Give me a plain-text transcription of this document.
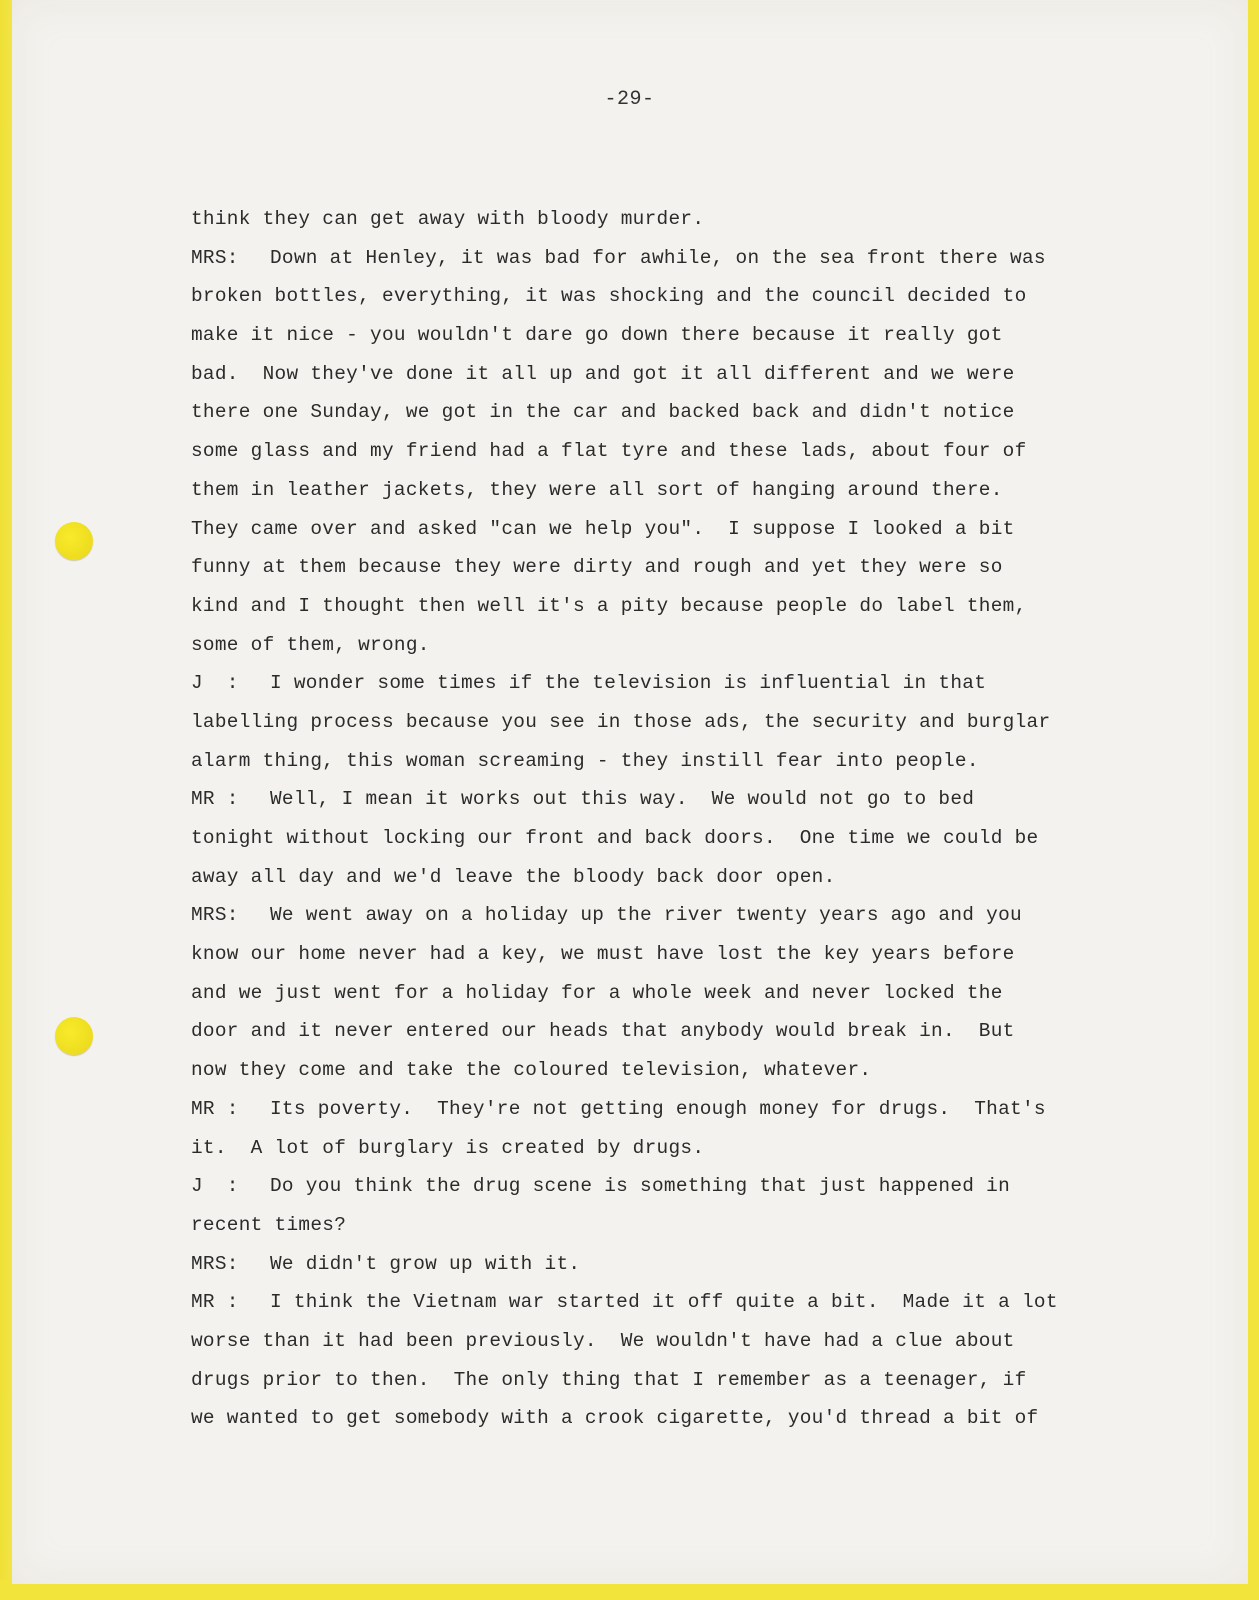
-29-
think they can get away with bloody murder.
MRS: Down at Henley, it was bad for awhile, on the sea front there was
broken bottles, everything, it was shocking and the council decided to
make it nice - you wouldn't dare go down there because it really got
bad.  Now they've done it all up and got it all different and we were
there one Sunday, we got in the car and backed back and didn't notice
some glass and my friend had a flat tyre and these lads, about four of
them in leather jackets, they were all sort of hanging around there.
They came over and asked "can we help you".  I suppose I looked a bit
funny at them because they were dirty and rough and yet they were so
kind and I thought then well it's a pity because people do label them,
some of them, wrong.
J  : I wonder some times if the television is influential in that
labelling process because you see in those ads, the security and burglar
alarm thing, this woman screaming - they instill fear into people.
MR : Well, I mean it works out this way.  We would not go to bed
tonight without locking our front and back doors.  One time we could be
away all day and we'd leave the bloody back door open.
MRS: We went away on a holiday up the river twenty years ago and you
know our home never had a key, we must have lost the key years before
and we just went for a holiday for a whole week and never locked the
door and it never entered our heads that anybody would break in.  But
now they come and take the coloured television, whatever.
MR : Its poverty.  They're not getting enough money for drugs.  That's
it.  A lot of burglary is created by drugs.
J  : Do you think the drug scene is something that just happened in
recent times?
MRS: We didn't grow up with it.
MR : I think the Vietnam war started it off quite a bit.  Made it a lot
worse than it had been previously.  We wouldn't have had a clue about
drugs prior to then.  The only thing that I remember as a teenager, if
we wanted to get somebody with a crook cigarette, you'd thread a bit of
